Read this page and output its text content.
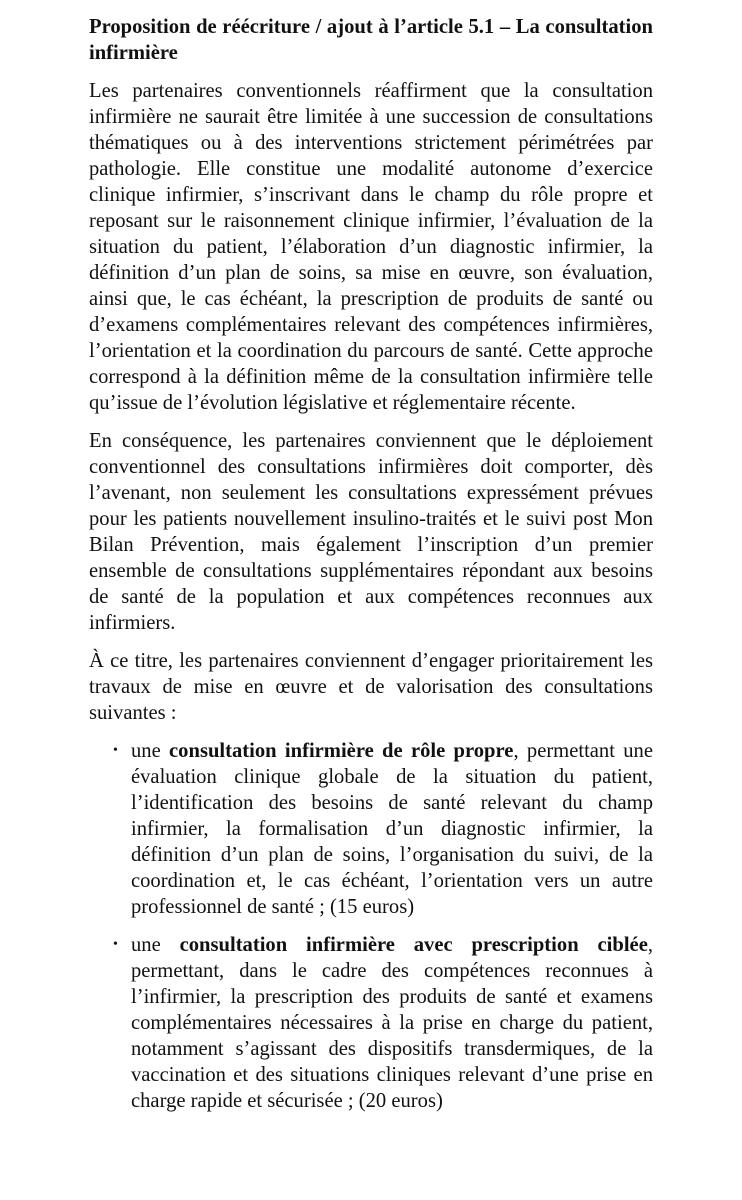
Proposition de réécriture / ajout à l’article 5.1 – La consultation infirmière

Les partenaires conventionnels réaffirment que la consultation infirmière ne saurait être limitée à une succession de consultations thématiques ou à des interventions strictement périmétrées par pathologie. Elle constitue une modalité autonome d’exercice clinique infirmier, s’inscrivant dans le champ du rôle propre et reposant sur le raisonnement clinique infirmier, l’évaluation de la situation du patient, l’élaboration d’un diagnostic infirmier, la définition d’un plan de soins, sa mise en œuvre, son évaluation, ainsi que, le cas échéant, la prescription de produits de santé ou d’examens complémentaires relevant des compétences infirmières, l’orientation et la coordination du parcours de santé. Cette approche correspond à la définition même de la consultation infirmière telle qu’issue de l’évolution législative et réglementaire récente.

En conséquence, les partenaires conviennent que le déploiement conventionnel des consultations infirmières doit comporter, dès l’avenant, non seulement les consultations expressément prévues pour les patients nouvellement insulino-traités et le suivi post Mon Bilan Prévention, mais également l’inscription d’un premier ensemble de consultations supplémentaires répondant aux besoins de santé de la population et aux compétences reconnues aux infirmiers.

À ce titre, les partenaires conviennent d’engager prioritairement les travaux de mise en œuvre et de valorisation des consultations suivantes :

• une consultation infirmière de rôle propre, permettant une évaluation clinique globale de la situation du patient, l’identification des besoins de santé relevant du champ infirmier, la formalisation d’un diagnostic infirmier, la définition d’un plan de soins, l’organisation du suivi, de la coordination et, le cas échéant, l’orientation vers un autre professionnel de santé ; (15 euros)
• une consultation infirmière avec prescription ciblée, permettant, dans le cadre des compétences reconnues à l’infirmier, la prescription des produits de santé et examens complémentaires nécessaires à la prise en charge du patient, notamment s’agissant des dispositifs transdermiques, de la vaccination et des situations cliniques relevant d’une prise en charge rapide et sécurisée ; (20 euros)
